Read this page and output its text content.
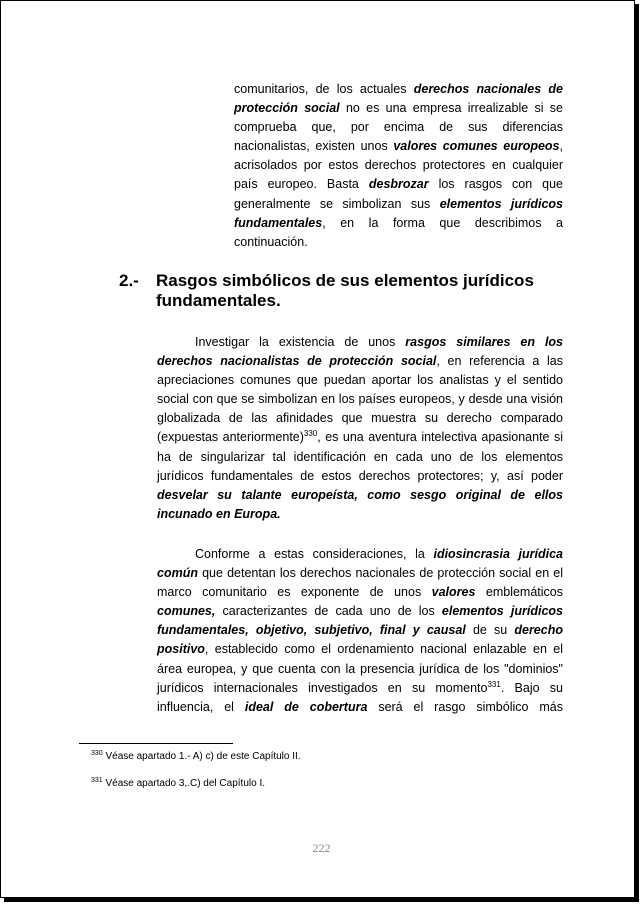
comunitarios, de los actuales derechos nacionales de protección social no es una empresa irrealizable si se comprueba que, por encima de sus diferencias nacionalistas, existen unos valores comunes europeos, acrisolados por estos derechos protectores en cualquier país europeo. Basta desbrozar los rasgos con que generalmente se simbolizan sus elementos jurídicos fundamentales, en la forma que describimos a continuación.
2.- Rasgos simbólicos de sus elementos jurídicos fundamentales.
Investigar la existencia de unos rasgos similares en los derechos nacionalistas de protección social, en referencia a las apreciaciones comunes que puedan aportar los analistas y el sentido social con que se simbolizan en los países europeos, y desde una visión globalizada de las afinidades que muestra su derecho comparado (expuestas anteriormente)$^{330}$, es una aventura intelectiva apasionante si ha de singularizar tal identificación en cada uno de los elementos jurídicos fundamentales de estos derechos protectores; y, así poder desvelar su talante europeísta, como sesgo original de ellos incunado en Europa.
Conforme a estas consideraciones, la idiosincrasia jurídica común que detentan los derechos nacionales de protección social en el marco comunitario es exponente de unos valores emblemáticos comunes, caracterizantes de cada uno de los elementos jurídicos fundamentales, objetivo, subjetivo, final y causal de su derecho positivo, establecido como el ordenamiento nacional enlazable en el área europea, y que cuenta con la presencia jurídica de los "dominios" jurídicos internacionales investigados en su momento$^{331}$. Bajo su influencia, el ideal de cobertura será el rasgo simbólico más
$^{330}$ Véase apartado 1.- A) c) de este Capítulo II.
$^{331}$ Véase apartado 3,.C) del Capítulo I.
222
